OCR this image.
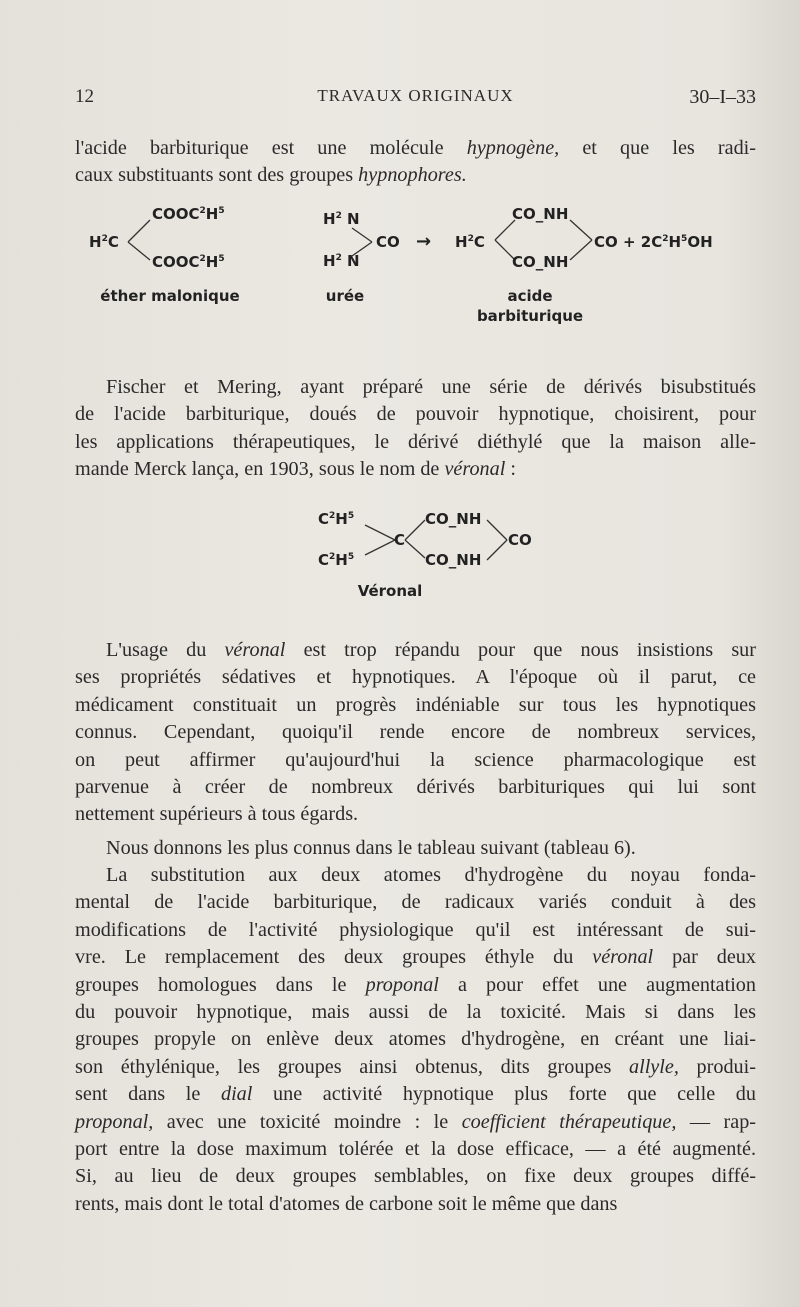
12	TRAVAUX ORIGINAUX	30–I–33
l'acide barbiturique est une molécule hypnogène, et que les radi-
caux substituants sont des groupes hypnophores.
$COOC^2H^5$
$H^2C$
$COOC^2H^5$
éther malonique
$H^2$ N
CO
$H^2$ N
urée
→ $H^2C$
CO_NH
CO_NH
CO + $2C^2H^5OH$
acide barbiturique
Fischer et Mering, ayant préparé une série de dérivés bisubstitués
de l'acide barbiturique, doués de pouvoir hypnotique, choisirent, pour
les applications thérapeutiques, le dérivé diéthylé que la maison alle-
mande Merck lança, en 1903, sous le nom de véronal :
$C^2H^5$
$C^2H^5$
C
CO_NH
CO_NH
CO
Véronal
L'usage du véronal est trop répandu pour que nous insistions sur
ses propriétés sédatives et hypnotiques. A l'époque où il parut, ce
médicament constituait un progrès indéniable sur tous les hypnotiques
connus. Cependant, quoiqu'il rende encore de nombreux services,
on peut affirmer qu'aujourd'hui la science pharmacologique est
parvenue à créer de nombreux dérivés barbituriques qui lui sont
nettement supérieurs à tous égards.
Nous donnons les plus connus dans le tableau suivant (tableau 6).
La substitution aux deux atomes d'hydrogène du noyau fonda-
mental de l'acide barbiturique, de radicaux variés conduit à des
modifications de l'activité physiologique qu'il est intéressant de sui-
vre. Le remplacement des deux groupes éthyle du véronal par deux
groupes homologues dans le proponal a pour effet une augmentation
du pouvoir hypnotique, mais aussi de la toxicité. Mais si dans les
groupes propyle on enlève deux atomes d'hydrogène, en créant une liai-
son éthylénique, les groupes ainsi obtenus, dits groupes allyle, produi-
sent dans le dial une activité hypnotique plus forte que celle du
proponal, avec une toxicité moindre : le coefficient thérapeutique, — rap-
port entre la dose maximum tolérée et la dose efficace, — a été augmenté.
Si, au lieu de deux groupes semblables, on fixe deux groupes diffé-
rents, mais dont le total d'atomes de carbone soit le même que dans
